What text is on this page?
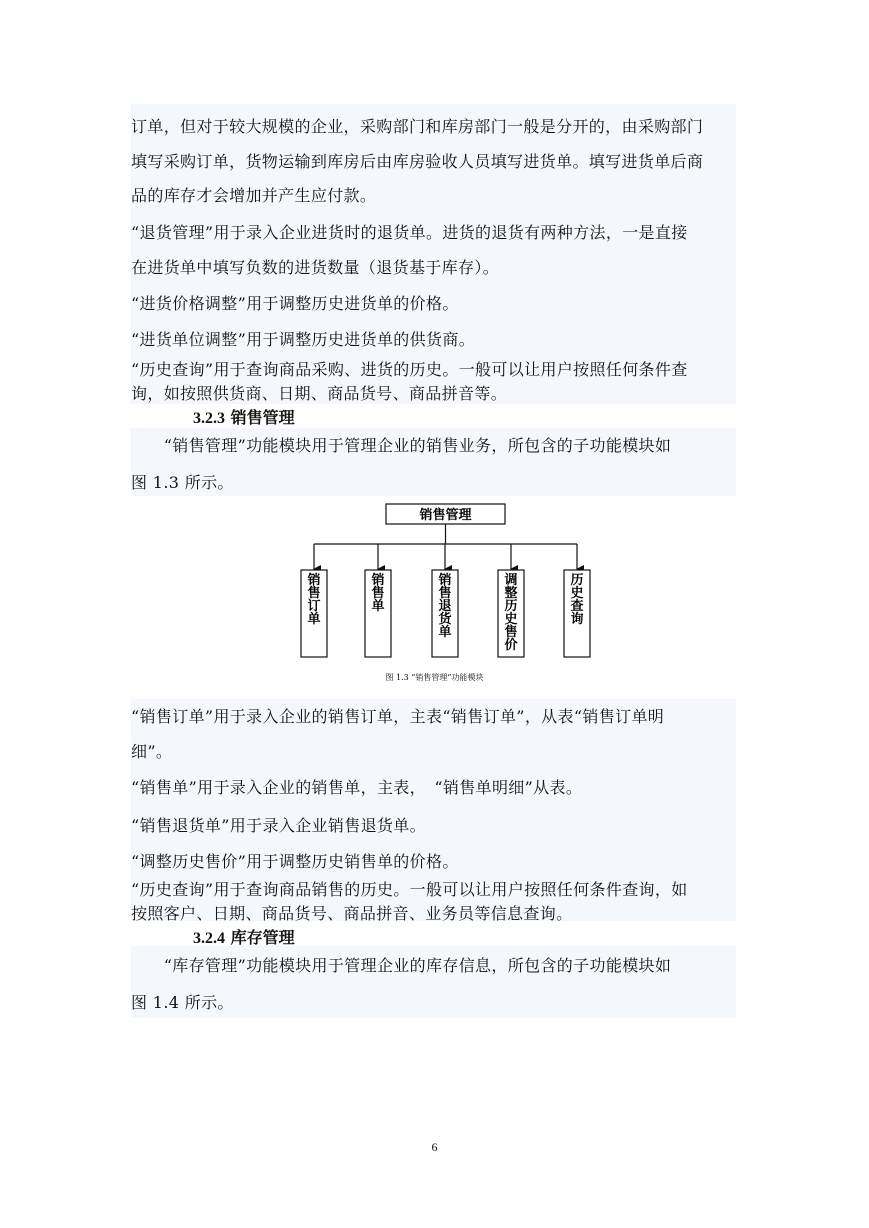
订单，但对于较大规模的企业，采购部门和库房部门一般是分开的，由采购部门
填写采购订单，货物运输到库房后由库房验收人员填写进货单。填写进货单后商
品的库存才会增加并产生应付款。
“退货管理”用于录入企业进货时的退货单。进货的退货有两种方法，一是直接
在进货单中填写负数的进货数量（退货基于库存）。
“进货价格调整”用于调整历史进货单的价格。
“进货单位调整”用于调整历史进货单的供货商。
“历史查询”用于查询商品采购、进货的历史。一般可以让用户按照任何条件查
询，如按照供货商、日期、商品货号、商品拼音等。
3.2.3 销售管理
　　“销售管理”功能模块用于管理企业的销售业务，所包含的子功能模块如
图 1.3 所示。
销售管理
销
售
订
单
销
售
单
销
售
退
货
单
调
整
历
史
售
价
历
史
查
询
图 1.3 “销售管理”功能模块
“销售订单”用于录入企业的销售订单，主表“销售订单”，从表“销售订单明
细”。
“销售单”用于录入企业的销售单，主表，　“销售单明细”从表。
“销售退货单”用于录入企业销售退货单。
“调整历史售价”用于调整历史销售单的价格。
“历史查询”用于查询商品销售的历史。一般可以让用户按照任何条件查询，如
按照客户、日期、商品货号、商品拼音、业务员等信息查询。
3.2.4 库存管理
　　“库存管理”功能模块用于管理企业的库存信息，所包含的子功能模块如
图 1.4 所示。
6
